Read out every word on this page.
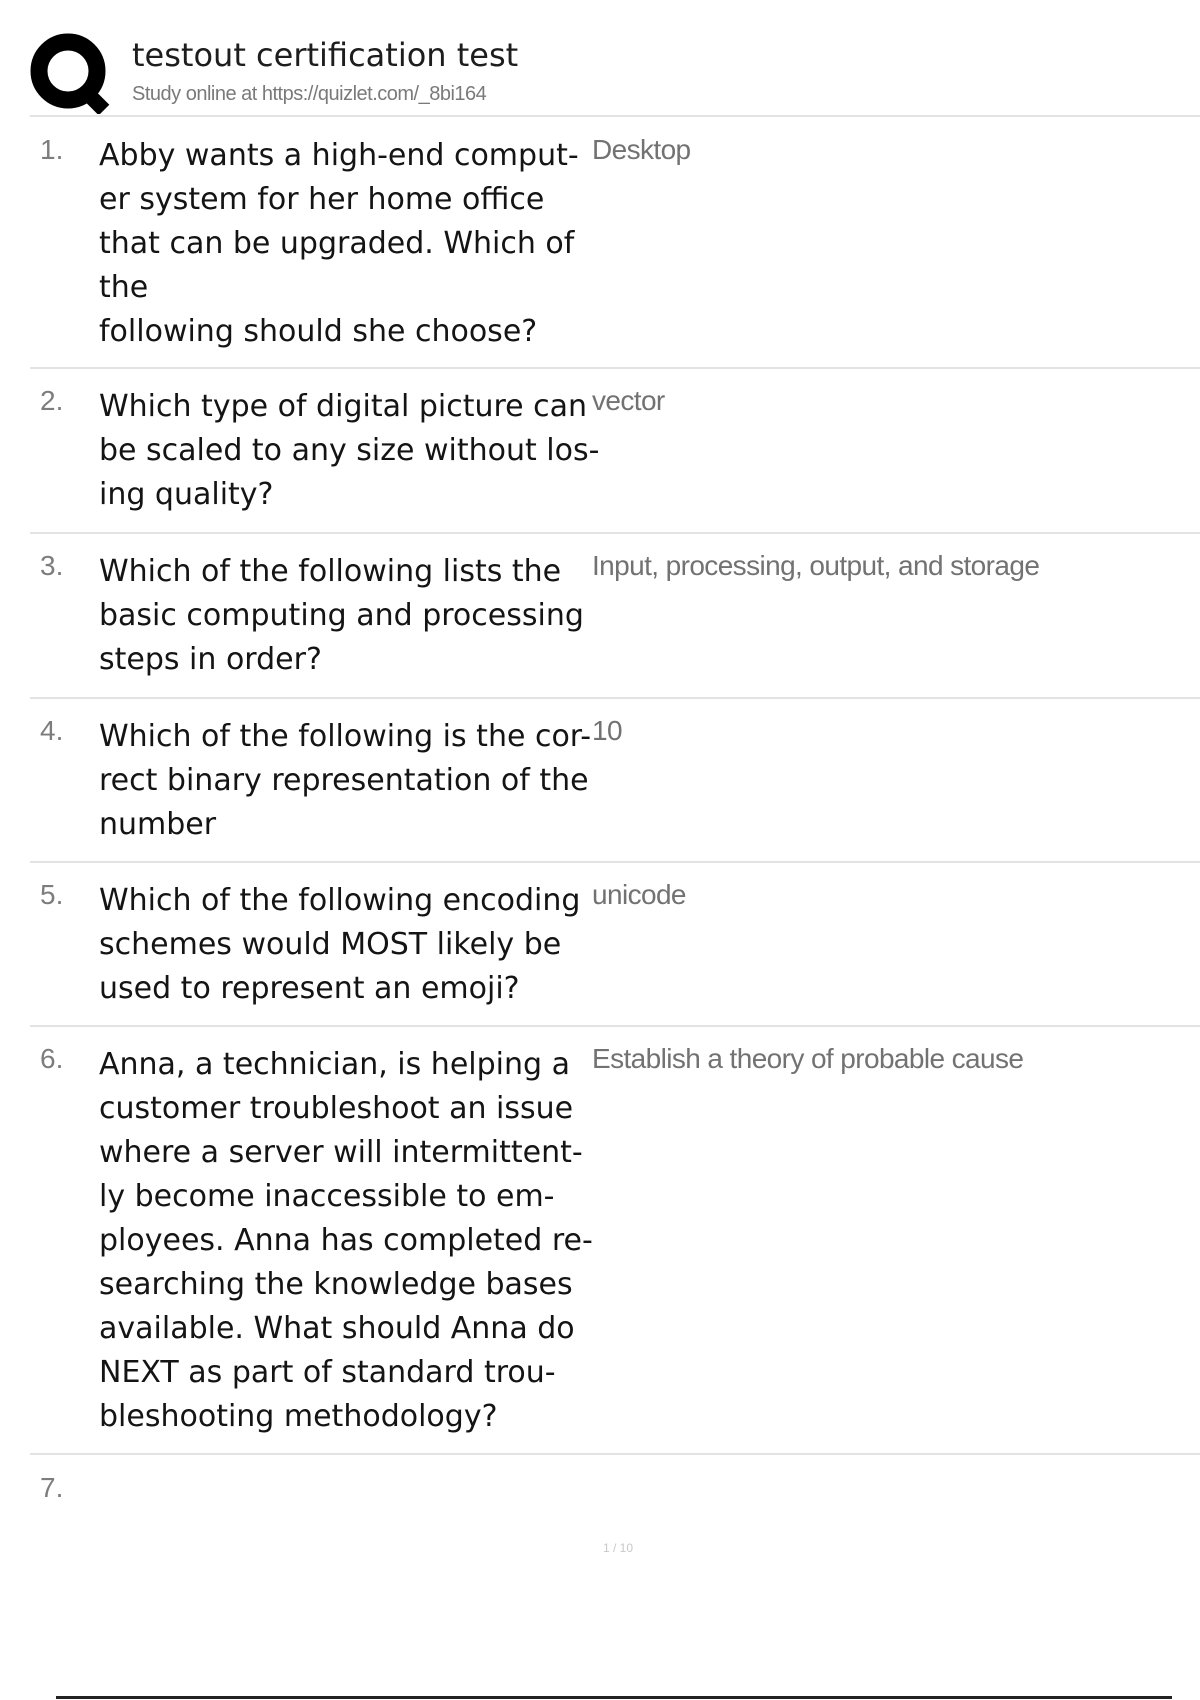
testout certification test
Study online at https://quizlet.com/_8bi164
1. Abby wants a high-end comput-
er system for her home office
that can be upgraded. Which of
the
following should she choose?
Desktop
2. Which type of digital picture can
be scaled to any size without los-
ing quality?
vector
3. Which of the following lists the
basic computing and processing
steps in order?
Input, processing, output, and storage
4. Which of the following is the cor-
rect binary representation of the
number
10
5. Which of the following encoding
schemes would MOST likely be
used to represent an emoji?
unicode
6. Anna, a technician, is helping a
customer troubleshoot an issue
where a server will intermittent-
ly become inaccessible to em-
ployees. Anna has completed re-
searching the knowledge bases
available. What should Anna do
NEXT as part of standard trou-
bleshooting methodology?
Establish a theory of probable cause
7.
1 / 10
